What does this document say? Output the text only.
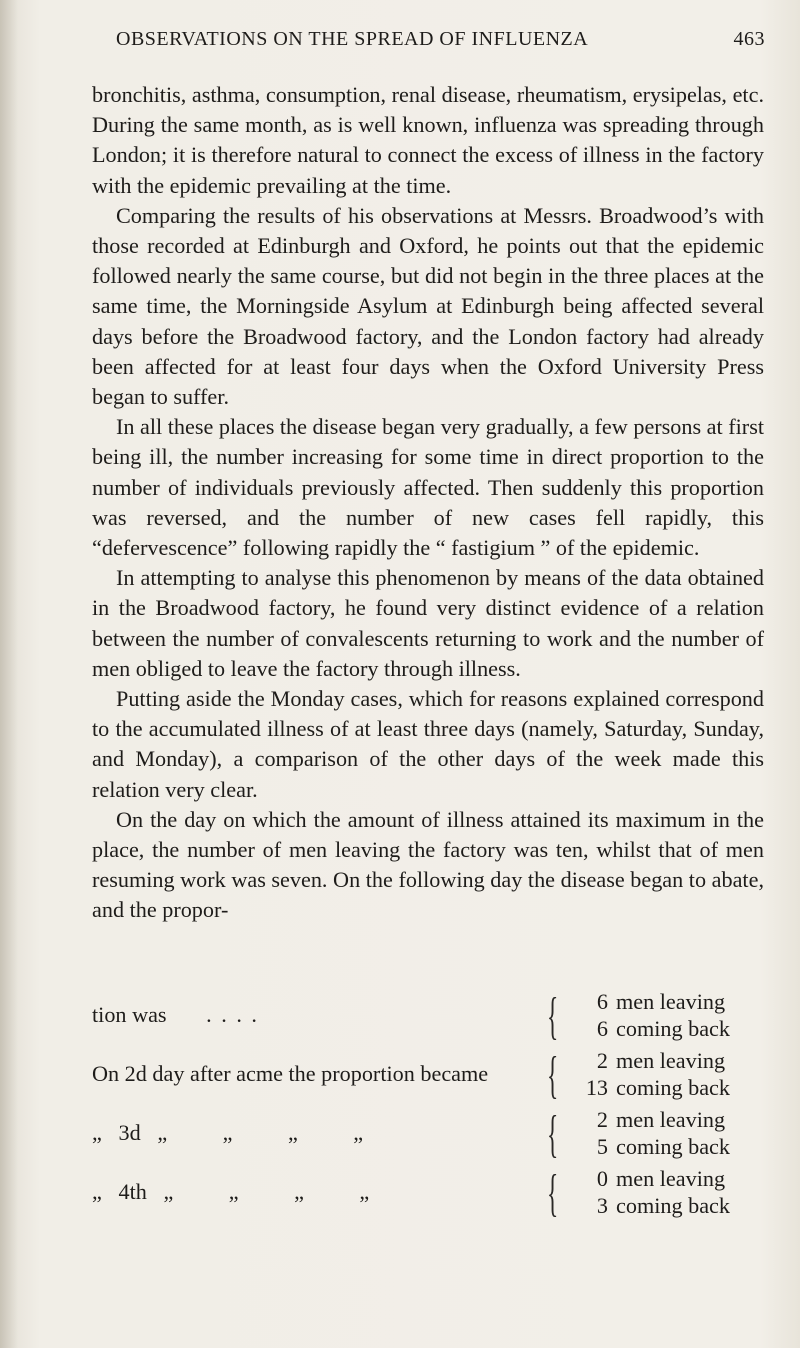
OBSERVATIONS ON THE SPREAD OF INFLUENZA	463

bronchitis, asthma, consumption, renal disease, rheumatism, erysipelas, etc. During the same month, as is well known, influenza was spreading through London; it is therefore natural to connect the excess of illness in the factory with the epidemic prevailing at the time.

Comparing the results of his observations at Messrs. Broadwood’s with those recorded at Edinburgh and Oxford, he points out that the epidemic followed nearly the same course, but did not begin in the three places at the same time, the Morningside Asylum at Edinburgh being affected several days before the Broadwood factory, and the London factory had already been affected for at least four days when the Oxford University Press began to suffer.

In all these places the disease began very gradually, a few persons at first being ill, the number increasing for some time in direct proportion to the number of individuals previously affected. Then suddenly this proportion was reversed, and the number of new cases fell rapidly, this “defervescence” following rapidly the “ fastigium ” of the epidemic.

In attempting to analyse this phenomenon by means of the data obtained in the Broadwood factory, he found very distinct evidence of a relation between the number of convalescents returning to work and the number of men obliged to leave the factory through illness.

Putting aside the Monday cases, which for reasons explained correspond to the accumulated illness of at least three days (namely, Saturday, Sunday, and Monday), a comparison of the other days of the week made this relation very clear.

On the day on which the amount of illness attained its maximum in the place, the number of men leaving the factory was ten, whilst that of men resuming work was seven. On the following day the disease began to abate, and the propor-

tion was . . . .	{	6 men leaving
6 coming back
On 2d day after acme the proportion became {	2 men leaving
13 coming back
„   3d   „          „          „          „	{	2 men leaving
5 coming back
„   4th   „          „          „          „	{	0 men leaving
3 coming back
